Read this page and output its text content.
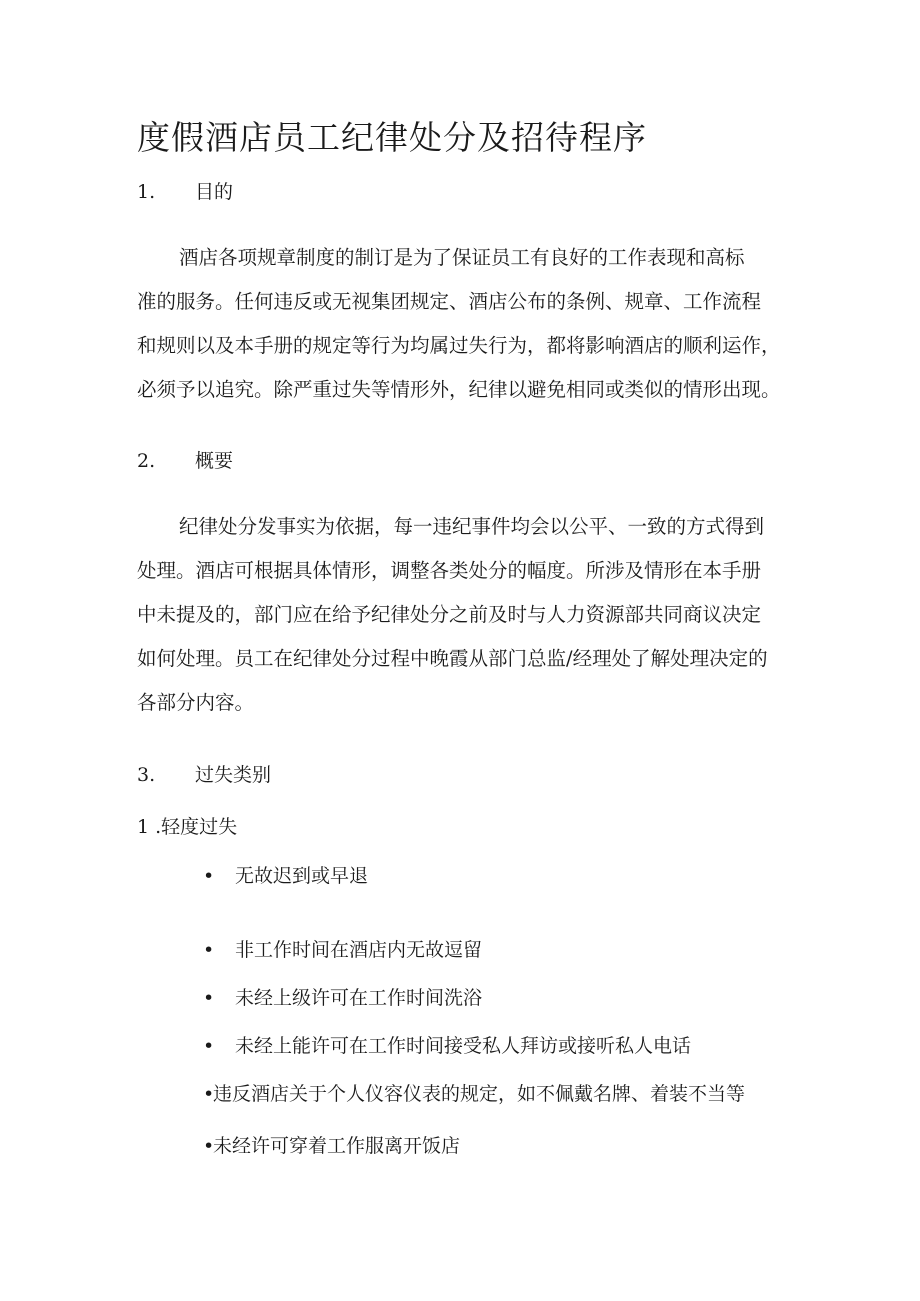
度假酒店员工纪律处分及招待程序
1. 目的
酒店各项规章制度的制订是为了保证员工有良好的工作表现和高标
准的服务。任何违反或无视集团规定、酒店公布的条例、规章、工作流程
和规则以及本手册的规定等行为均属过失行为，都将影响酒店的顺利运作，
必须予以追究。除严重过失等情形外，纪律以避免相同或类似的情形出现。
2. 概要
纪律处分发事实为依据，每一违纪事件均会以公平、一致的方式得到
处理。酒店可根据具体情形，调整各类处分的幅度。所涉及情形在本手册
中未提及的，部门应在给予纪律处分之前及时与人力资源部共同商议决定
如何处理。员工在纪律处分过程中晚霞从部门总监/经理处了解处理决定的
各部分内容。
3. 过失类别
1 .轻度过失
• 无故迟到或早退
• 非工作时间在酒店内无故逗留
• 未经上级许可在工作时间洗浴
• 未经上能许可在工作时间接受私人拜访或接听私人电话
•违反酒店关于个人仪容仪表的规定，如不佩戴名牌、着装不当等
•未经许可穿着工作服离开饭店
